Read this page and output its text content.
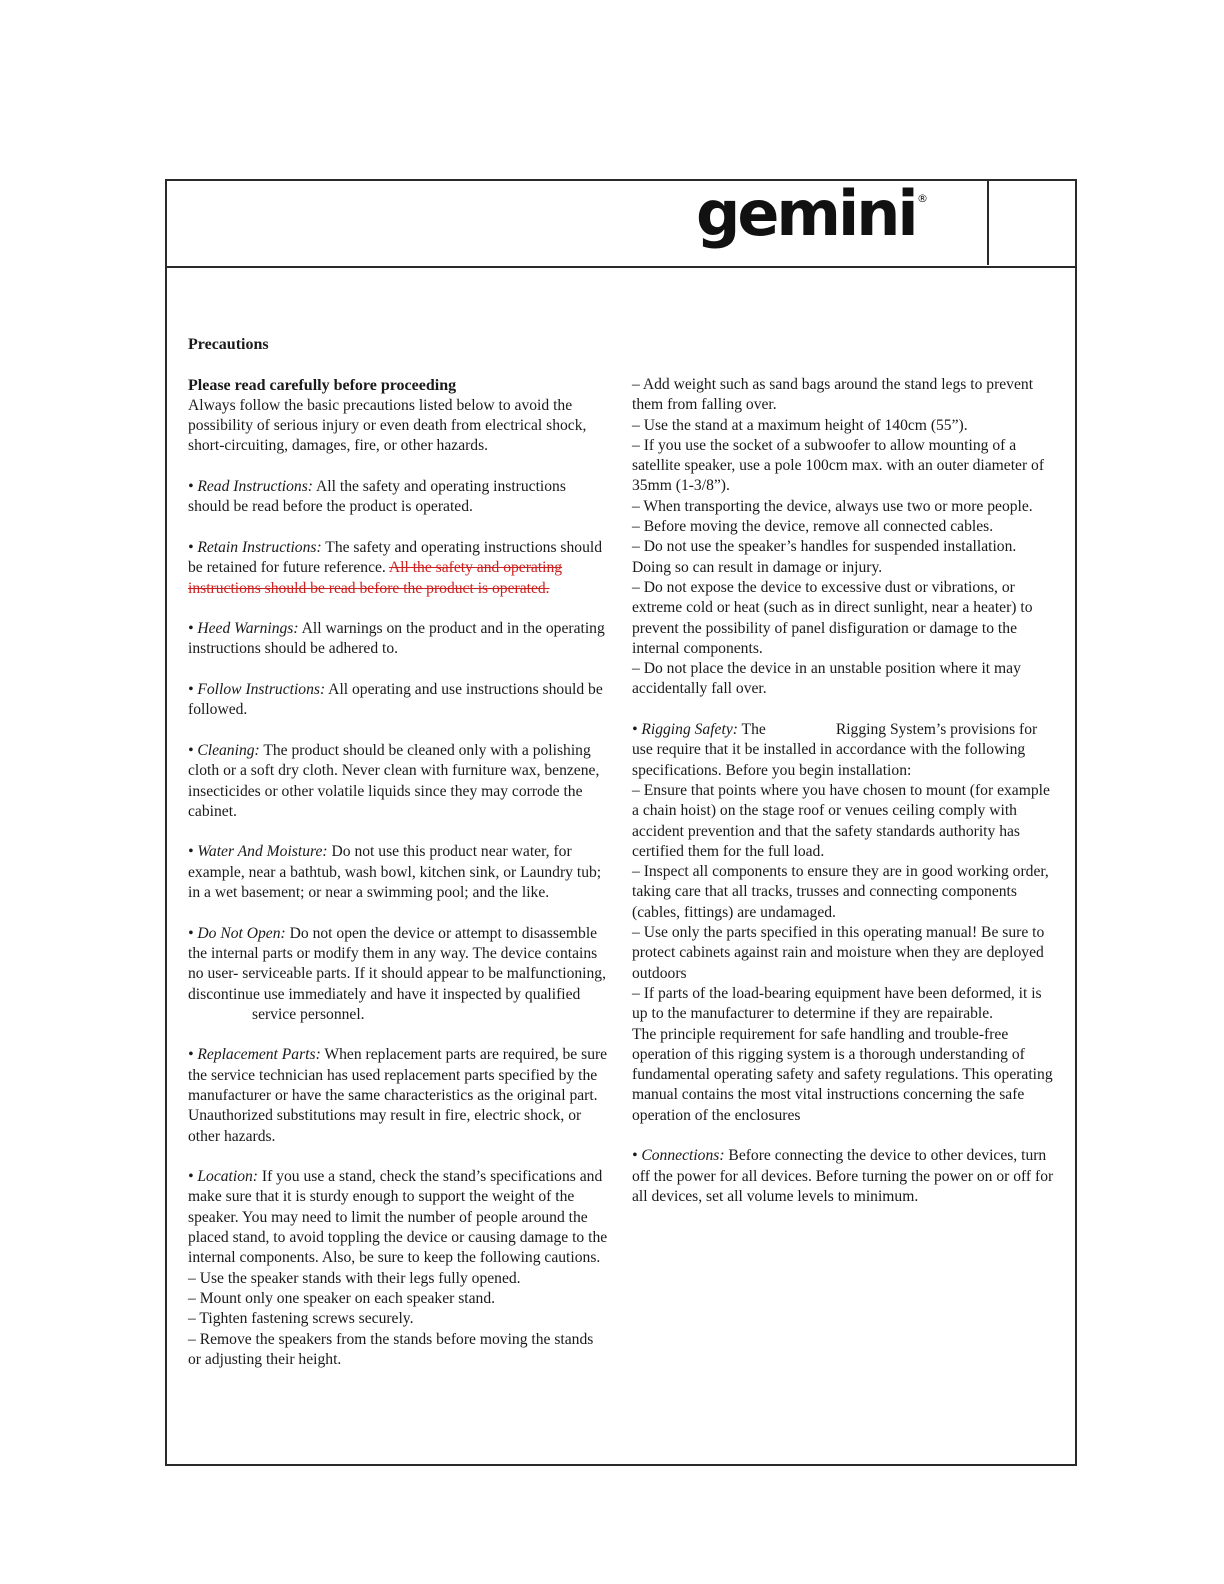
gemini ®

Precautions

Please read carefully before proceeding

Always follow the basic precautions listed below to avoid the possibility of serious injury or even death from electrical shock, short-circuiting, damages, fire, or other hazards.

• Read Instructions: All the safety and operating instructions should be read before the product is operated.

• Retain Instructions: The safety and operating instructions should be retained for future reference. All the safety and operating instructions should be read before the product is operated.

• Heed Warnings: All warnings on the product and in the operating instructions should be adhered to.

• Follow Instructions: All operating and use instructions should be followed.

• Cleaning: The product should be cleaned only with a polishing cloth or a soft dry cloth. Never clean with furniture wax, benzene, insecticides or other volatile liquids since they may corrode the cabinet.

• Water And Moisture: Do not use this product near water, for example, near a bathtub, wash bowl, kitchen sink, or Laundry tub; in a wet basement; or near a swimming pool; and the like.

• Do Not Open: Do not open the device or attempt to disassemble the internal parts or modify them in any way. The device contains no user- serviceable parts. If it should appear to be malfunctioning, discontinue use immediately and have it inspected by qualifiedservice personnel.

• Replacement Parts: When replacement parts are required, be sure the service technician has used replacement parts specified by the manufacturer or have the same characteristics as the original part. Unauthorized substitutions may result in fire, electric shock, or other hazards.

• Location: If you use a stand, check the stand’s specifications and make sure that it is sturdy enough to support the weight of the speaker. You may need to limit the number of people around the placed stand, to avoid toppling the device or causing damage to the internal components. Also, be sure to keep the following cautions.

– Use the speaker stands with their legs fully opened.

– Mount only one speaker on each speaker stand.

– Tighten fastening screws securely.

– Remove the speakers from the stands before moving the stands or adjusting their height.

– Add weight such as sand bags around the stand legs to prevent them from falling over.

– Use the stand at a maximum height of 140cm (55”).

– If you use the socket of a subwoofer to allow mounting of a satellite speaker, use a pole 100cm max. with an outer diameter of 35mm (1-3/8”).

– When transporting the device, always use two or more people.

– Before moving the device, remove all connected cables.

– Do not use the speaker’s handles for suspended installation. Doing so can result in damage or injury.

– Do not expose the device to excessive dust or vibrations, or extreme cold or heat (such as in direct sunlight, near a heater) to prevent the possibility of panel disfiguration or damage to the internal components.

– Do not place the device in an unstable position where it may accidentally fall over.

• Rigging Safety: The	Rigging System’s provisions for use require that it be installed in accordance with the following specifications. Before you begin installation:

– Ensure that points where you have chosen to mount (for example a chain hoist) on the stage roof or venues ceiling comply with accident prevention and that the safety standards authority has certified them for the full load.

– Inspect all components to ensure they are in good working order, taking care that all tracks, trusses and connecting components (cables, fittings) are undamaged.

– Use only the parts specified in this operating manual! Be sure to protect cabinets against rain and moisture when they are deployed outdoors

– If parts of the load-bearing equipment have been deformed, it is up to the manufacturer to determine if they are repairable.

The principle requirement for safe handling and trouble-free operation of this rigging system is a thorough understanding of fundamental operating safety and safety regulations. This operating manual contains the most vital instructions concerning the safe operation of the enclosures

• Connections: Before connecting the device to other devices, turn off the power for all devices. Before turning the power on or off for all devices, set all volume levels to minimum.
